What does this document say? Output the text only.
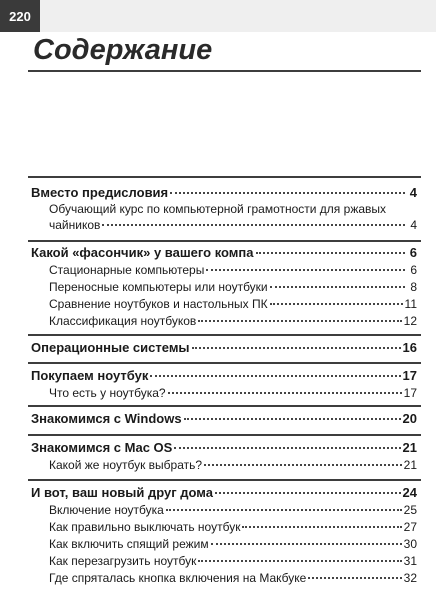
220
Содержание
Вместо предисловия	4
Обучающий курс по компьютерной грамотности для ржавых
чайников	4
Какой «фасончик» у вашего компа	6
Стационарные компьютеры	6
Переносные компьютеры или ноутбуки	8
Сравнение ноутбуков и настольных ПК	11
Классификация ноутбуков	12
Операционные системы	16
Покупаем ноутбук	17
Что есть у ноутбука?	17
Знакомимся с Windows	20
Знакомимся с Mac OS	21
Какой же ноутбук выбрать?	21
И вот, ваш новый друг дома	24
Включение ноутбука	25
Как правильно выключать ноутбук	27
Как включить спящий режим	30
Как перезагрузить ноутбук	31
Где спряталась кнопка включения на Макбуке	32
